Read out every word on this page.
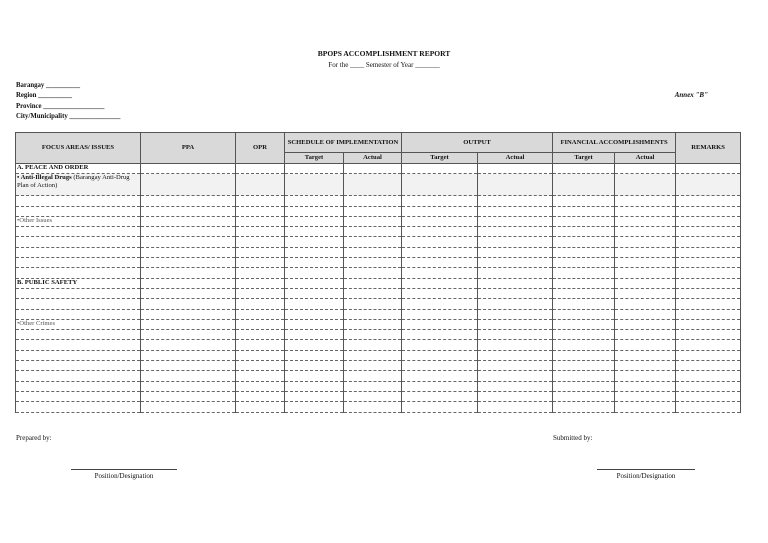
BPOPS ACCOMPLISHMENT REPORT
For the ____ Semester of Year _______
Barangay __________
Region __________
Province __________________
City/Municipality _______________
Annex "B"
FOCUS AREAS/ ISSUES	PPA	OPR	SCHEDULE OF IMPLEMENTATION		OUTPUT		FINANCIAL ACCOMPLISHMENTS		REMARKS
			Target	Actual	Target	Actual	Target	Actual	
A. PEACE AND ORDER									
• Anti-Illegal Drugs (Barangay Anti-Drug Plan of Action)									

•Other Issues									

B. PUBLIC SAFETY									

•Other Crimes									

Prepared by:	Submitted by:
Position/Designation	Position/Designation
